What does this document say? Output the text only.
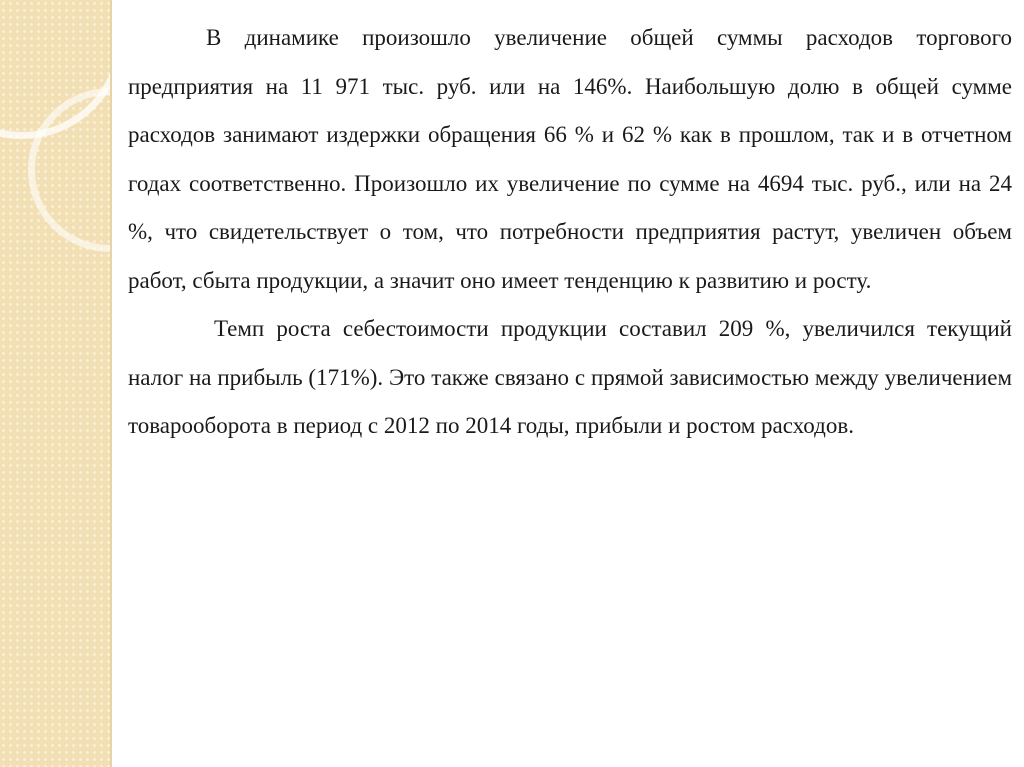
В динамике произошло увеличение общей суммы расходов торгового предприятия на 11 971 тыс. руб. или на 146%. Наибольшую долю в общей сумме расходов занимают издержки обращения 66 % и 62 % как в прошлом, так и в отчетном годах соответственно. Произошло их увеличение по сумме на 4694 тыс. руб., или на 24 %, что свидетельствует о том, что потребности предприятия растут, увеличен объем работ, сбыта продукции, а значит оно имеет тенденцию к развитию и росту.

Темп роста себестоимости продукции составил 209 %, увеличился текущий налог на прибыль (171%). Это также связано с прямой зависимостью между увеличением товарооборота в период с 2012 по 2014 годы, прибыли и ростом расходов.
